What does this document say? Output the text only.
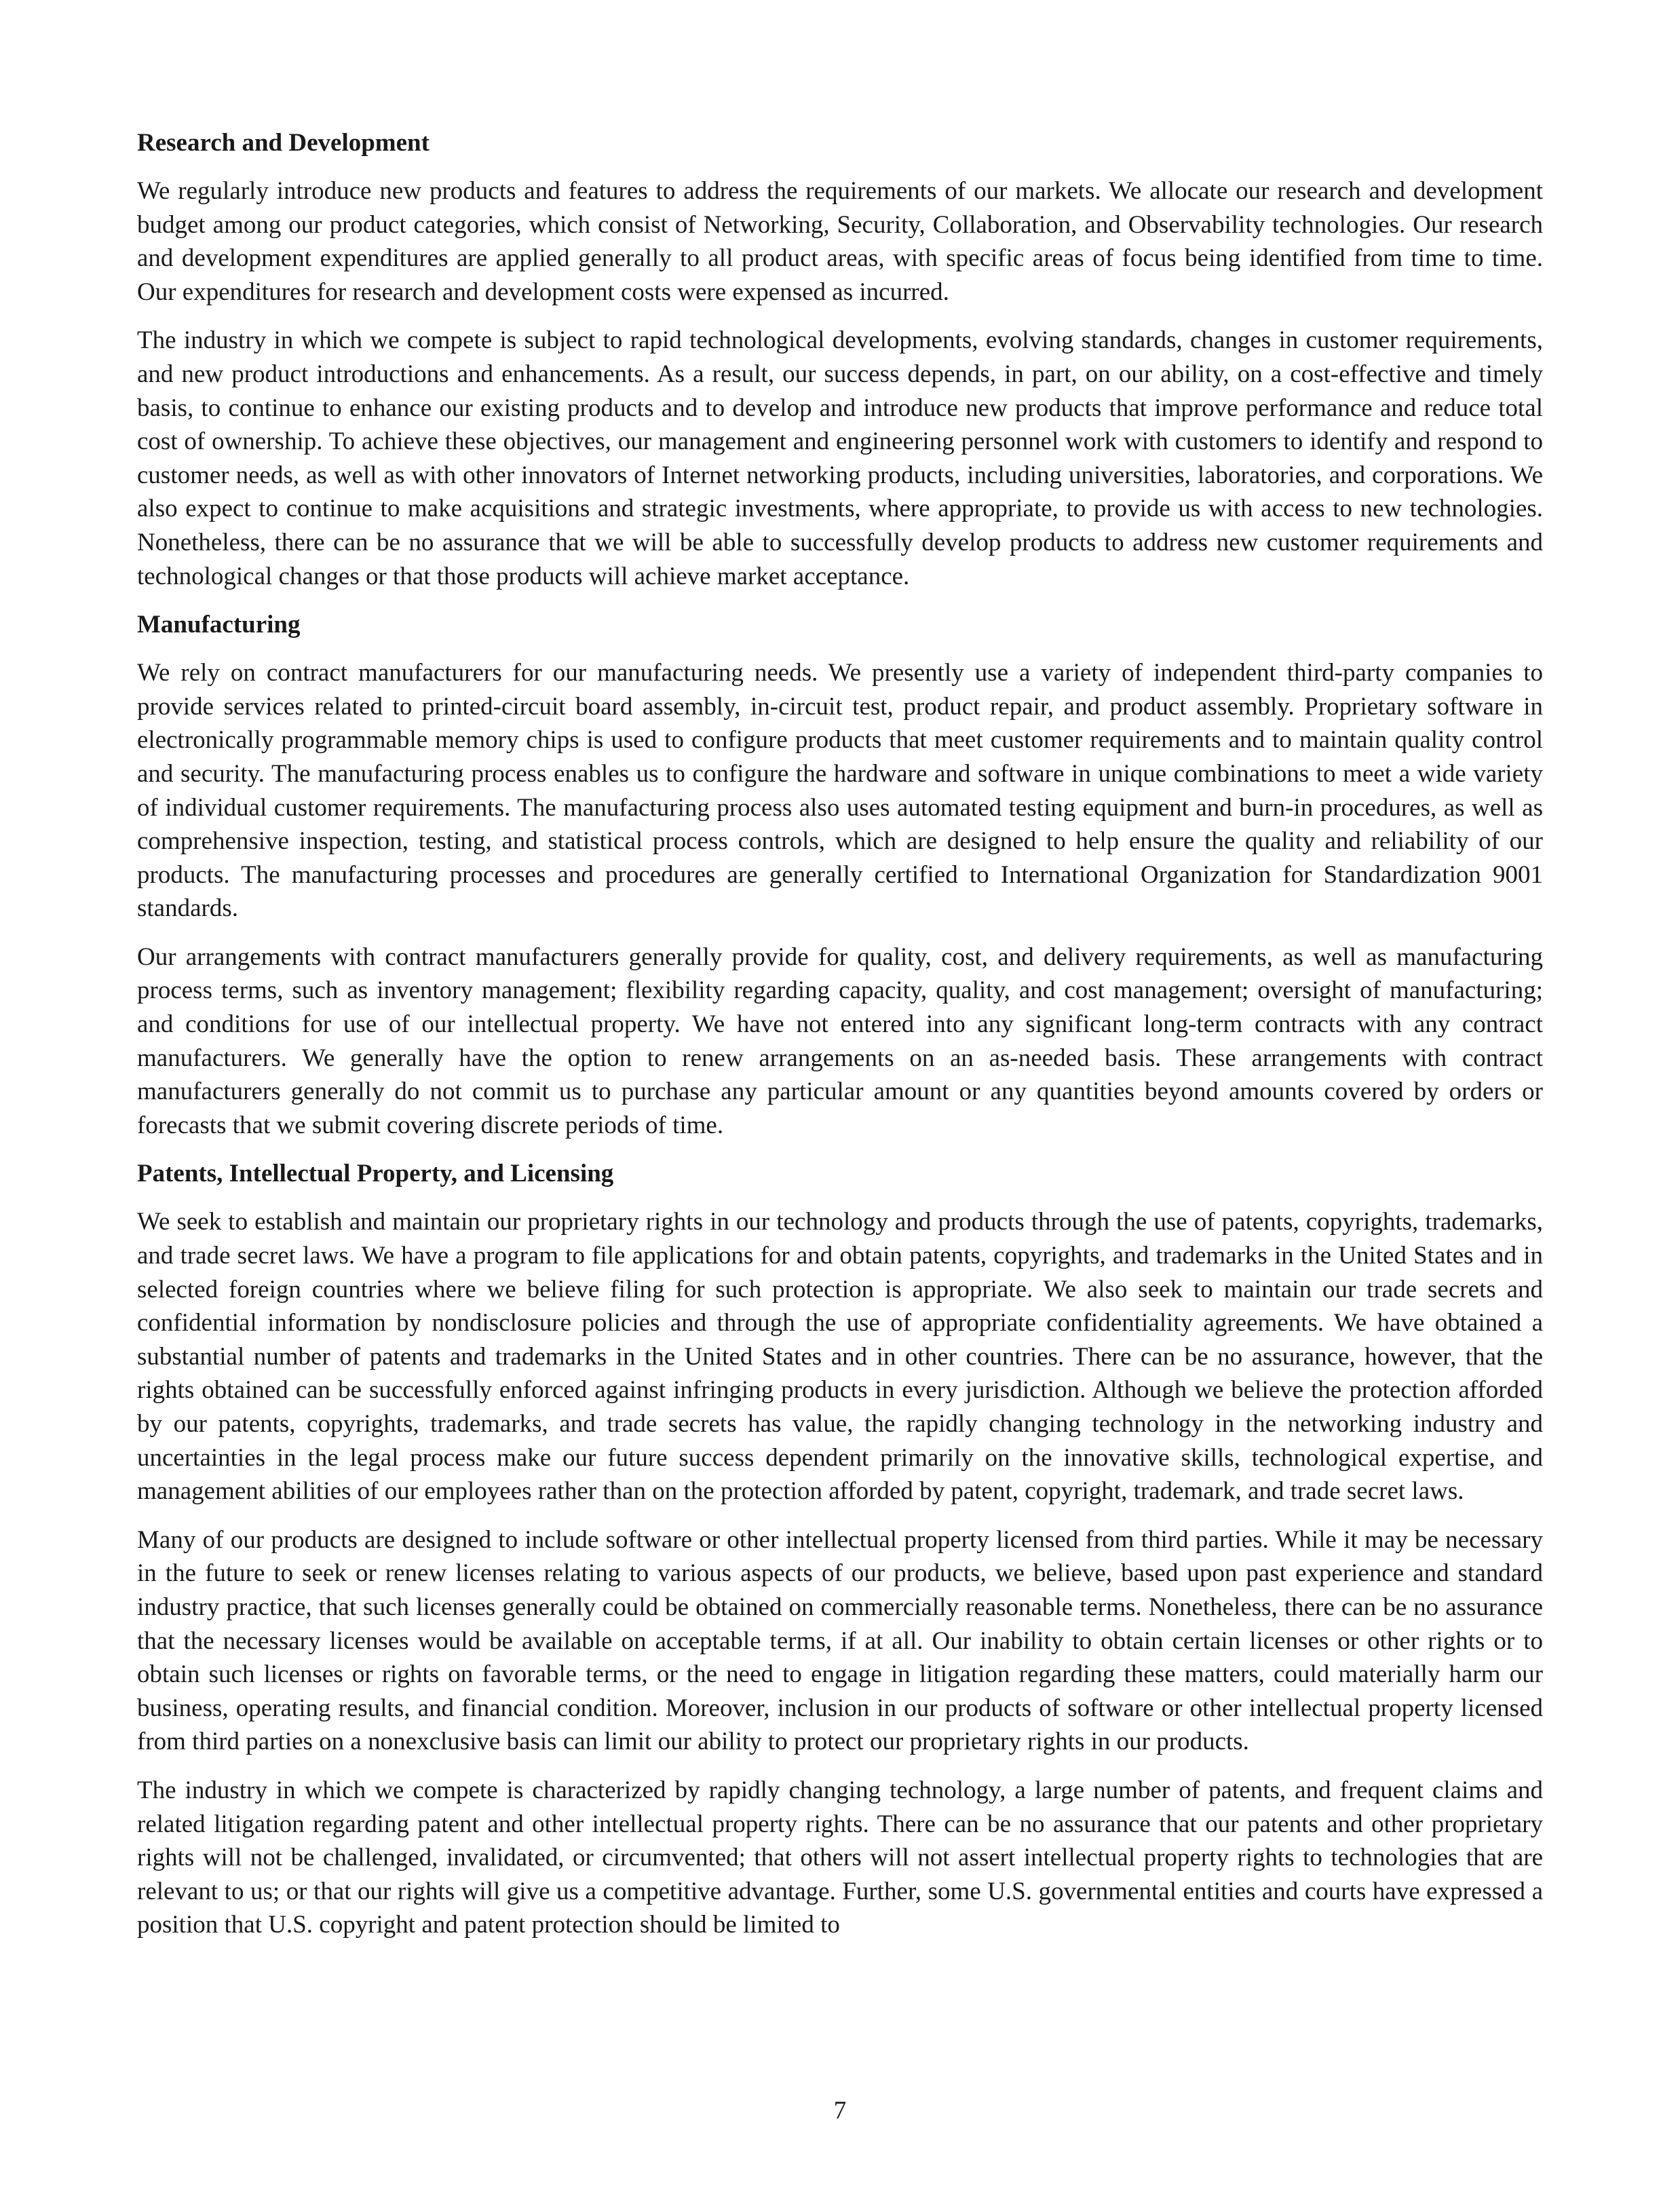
Research and Development

We regularly introduce new products and features to address the requirements of our markets. We allocate our research and development budget among our product categories, which consist of Networking, Security, Collaboration, and Observability technologies. Our research and development expenditures are applied generally to all product areas, with specific areas of focus being identified from time to time. Our expenditures for research and development costs were expensed as incurred.

The industry in which we compete is subject to rapid technological developments, evolving standards, changes in customer requirements, and new product introductions and enhancements. As a result, our success depends, in part, on our ability, on a cost-effective and timely basis, to continue to enhance our existing products and to develop and introduce new products that improve performance and reduce total cost of ownership. To achieve these objectives, our management and engineering personnel work with customers to identify and respond to customer needs, as well as with other innovators of Internet networking products, including universities, laboratories, and corporations. We also expect to continue to make acquisitions and strategic investments, where appropriate, to provide us with access to new technologies. Nonetheless, there can be no assurance that we will be able to successfully develop products to address new customer requirements and technological changes or that those products will achieve market acceptance.

Manufacturing

We rely on contract manufacturers for our manufacturing needs. We presently use a variety of independent third-party companies to provide services related to printed-circuit board assembly, in-circuit test, product repair, and product assembly. Proprietary software in electronically programmable memory chips is used to configure products that meet customer requirements and to maintain quality control and security. The manufacturing process enables us to configure the hardware and software in unique combinations to meet a wide variety of individual customer requirements. The manufacturing process also uses automated testing equipment and burn-in procedures, as well as comprehensive inspection, testing, and statistical process controls, which are designed to help ensure the quality and reliability of our products. The manufacturing processes and procedures are generally certified to International Organization for Standardization 9001 standards.

Our arrangements with contract manufacturers generally provide for quality, cost, and delivery requirements, as well as manufacturing process terms, such as inventory management; flexibility regarding capacity, quality, and cost management; oversight of manufacturing; and conditions for use of our intellectual property. We have not entered into any significant long-term contracts with any contract manufacturers. We generally have the option to renew arrangements on an as-needed basis. These arrangements with contract manufacturers generally do not commit us to purchase any particular amount or any quantities beyond amounts covered by orders or forecasts that we submit covering discrete periods of time.

Patents, Intellectual Property, and Licensing

We seek to establish and maintain our proprietary rights in our technology and products through the use of patents, copyrights, trademarks, and trade secret laws. We have a program to file applications for and obtain patents, copyrights, and trademarks in the United States and in selected foreign countries where we believe filing for such protection is appropriate. We also seek to maintain our trade secrets and confidential information by nondisclosure policies and through the use of appropriate confidentiality agreements. We have obtained a substantial number of patents and trademarks in the United States and in other countries. There can be no assurance, however, that the rights obtained can be successfully enforced against infringing products in every jurisdiction. Although we believe the protection afforded by our patents, copyrights, trademarks, and trade secrets has value, the rapidly changing technology in the networking industry and uncertainties in the legal process make our future success dependent primarily on the innovative skills, technological expertise, and management abilities of our employees rather than on the protection afforded by patent, copyright, trademark, and trade secret laws.

Many of our products are designed to include software or other intellectual property licensed from third parties. While it may be necessary in the future to seek or renew licenses relating to various aspects of our products, we believe, based upon past experience and standard industry practice, that such licenses generally could be obtained on commercially reasonable terms. Nonetheless, there can be no assurance that the necessary licenses would be available on acceptable terms, if at all. Our inability to obtain certain licenses or other rights or to obtain such licenses or rights on favorable terms, or the need to engage in litigation regarding these matters, could materially harm our business, operating results, and financial condition. Moreover, inclusion in our products of software or other intellectual property licensed from third parties on a nonexclusive basis can limit our ability to protect our proprietary rights in our products.

The industry in which we compete is characterized by rapidly changing technology, a large number of patents, and frequent claims and related litigation regarding patent and other intellectual property rights. There can be no assurance that our patents and other proprietary rights will not be challenged, invalidated, or circumvented; that others will not assert intellectual property rights to technologies that are relevant to us; or that our rights will give us a competitive advantage. Further, some U.S. governmental entities and courts have expressed a position that U.S. copyright and patent protection should be limited to

7
